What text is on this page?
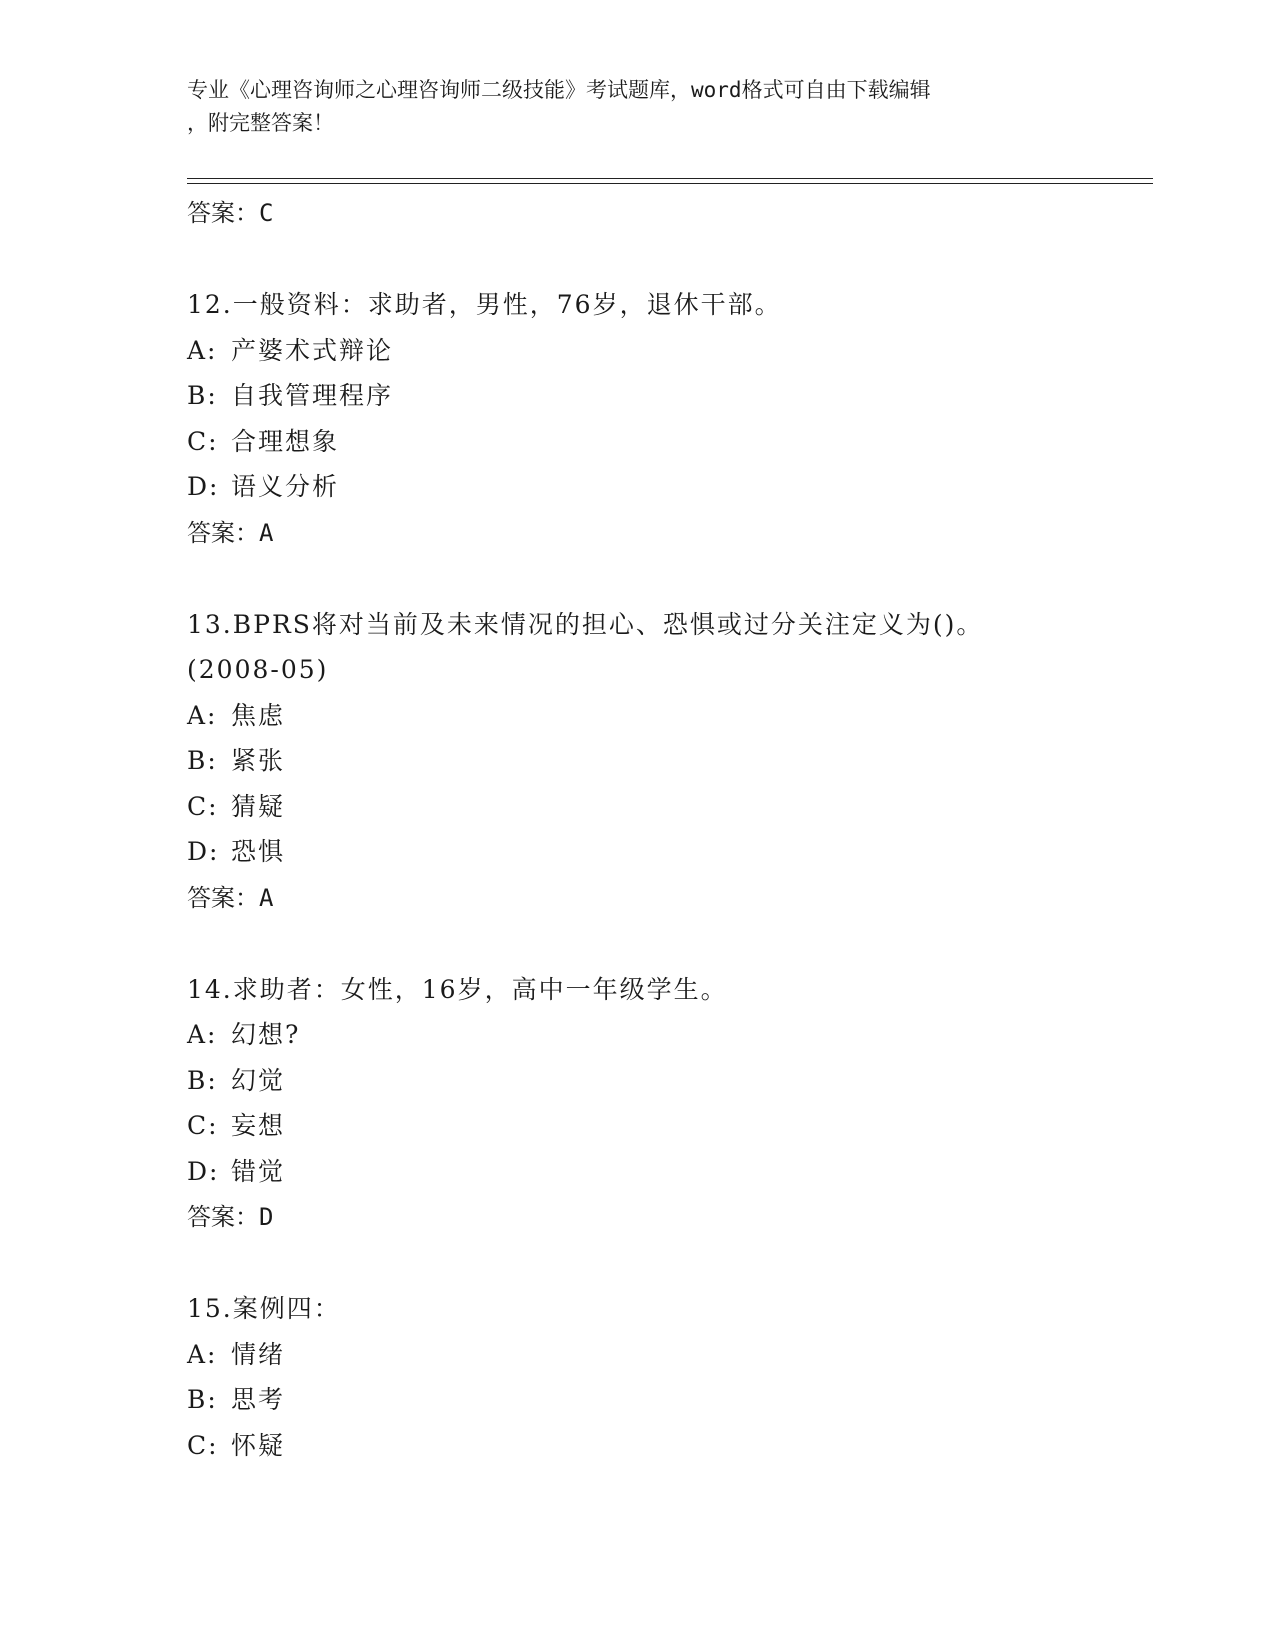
专业《心理咨询师之心理咨询师二级技能》考试题库，word格式可自由下载编辑
，附完整答案！
答案：C
12.一般资料：求助者，男性，76岁，退休干部。
A: 产婆术式辩论
B: 自我管理程序
C: 合理想象
D: 语义分析
答案：A
13.BPRS将对当前及未来情况的担心、恐惧或过分关注定义为()。
(2008-05)
A: 焦虑
B: 紧张
C: 猜疑
D: 恐惧
答案：A
14.求助者：女性，16岁，高中一年级学生。
A: 幻想?
B: 幻觉
C: 妄想
D: 错觉
答案：D
15.案例四：
A: 情绪
B: 思考
C: 怀疑
